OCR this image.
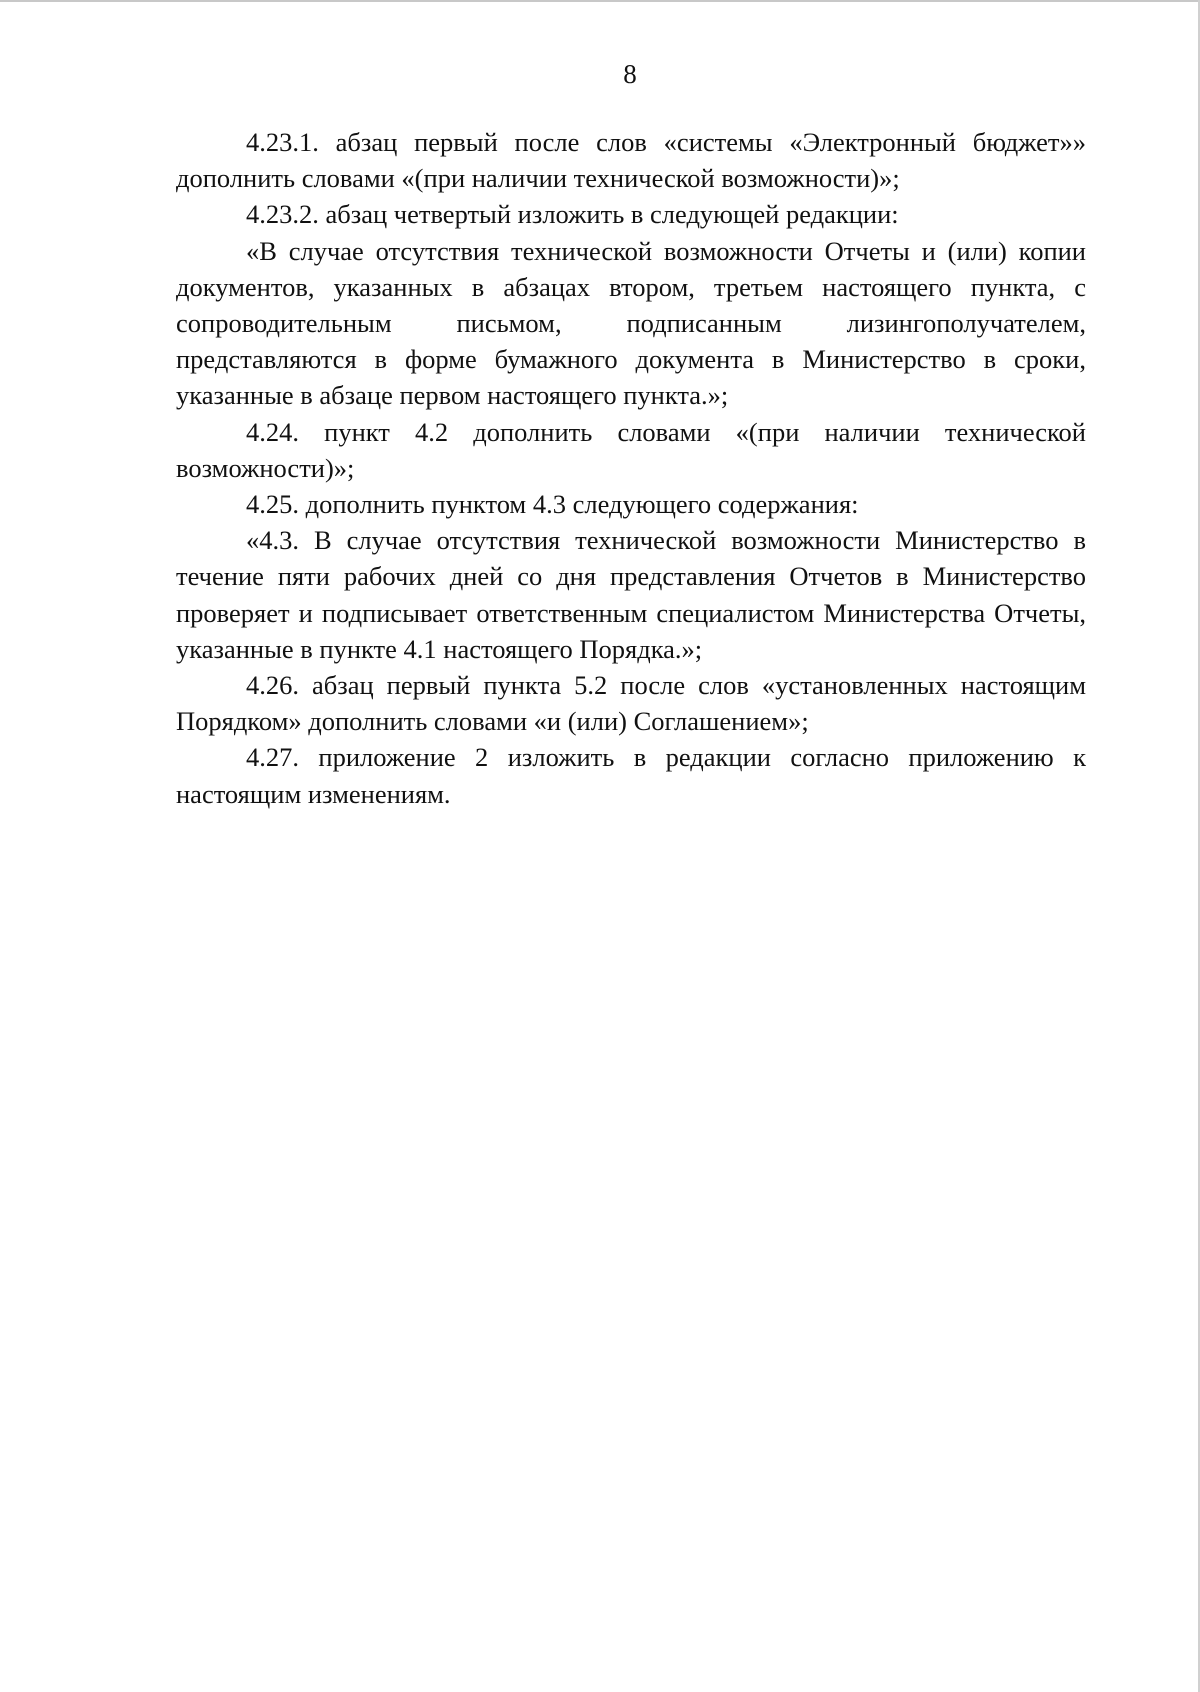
8

4.23.1. абзац первый после слов «системы «Электронный бюджет»» дополнить словами «(при наличии технической возможности)»;

4.23.2. абзац четвертый изложить в следующей редакции:

«В случае отсутствия технической возможности Отчеты и (или) копии документов, указанных в абзацах втором, третьем настоящего пункта, с сопроводительным письмом, подписанным лизингополучателем, представляются в форме бумажного документа в Министерство в сроки, указанные в абзаце первом настоящего пункта.»;

4.24. пункт 4.2 дополнить словами «(при наличии технической возможности)»;

4.25. дополнить пунктом 4.3 следующего содержания:

«4.3. В случае отсутствия технической возможности Министерство в течение пяти рабочих дней со дня представления Отчетов в Министерство проверяет и подписывает ответственным специалистом Министерства Отчеты, указанные в пункте 4.1 настоящего Порядка.»;

4.26. абзац первый пункта 5.2 после слов «установленных настоящим Порядком» дополнить словами «и (или) Соглашением»;

4.27. приложение 2 изложить в редакции согласно приложению к настоящим изменениям.
